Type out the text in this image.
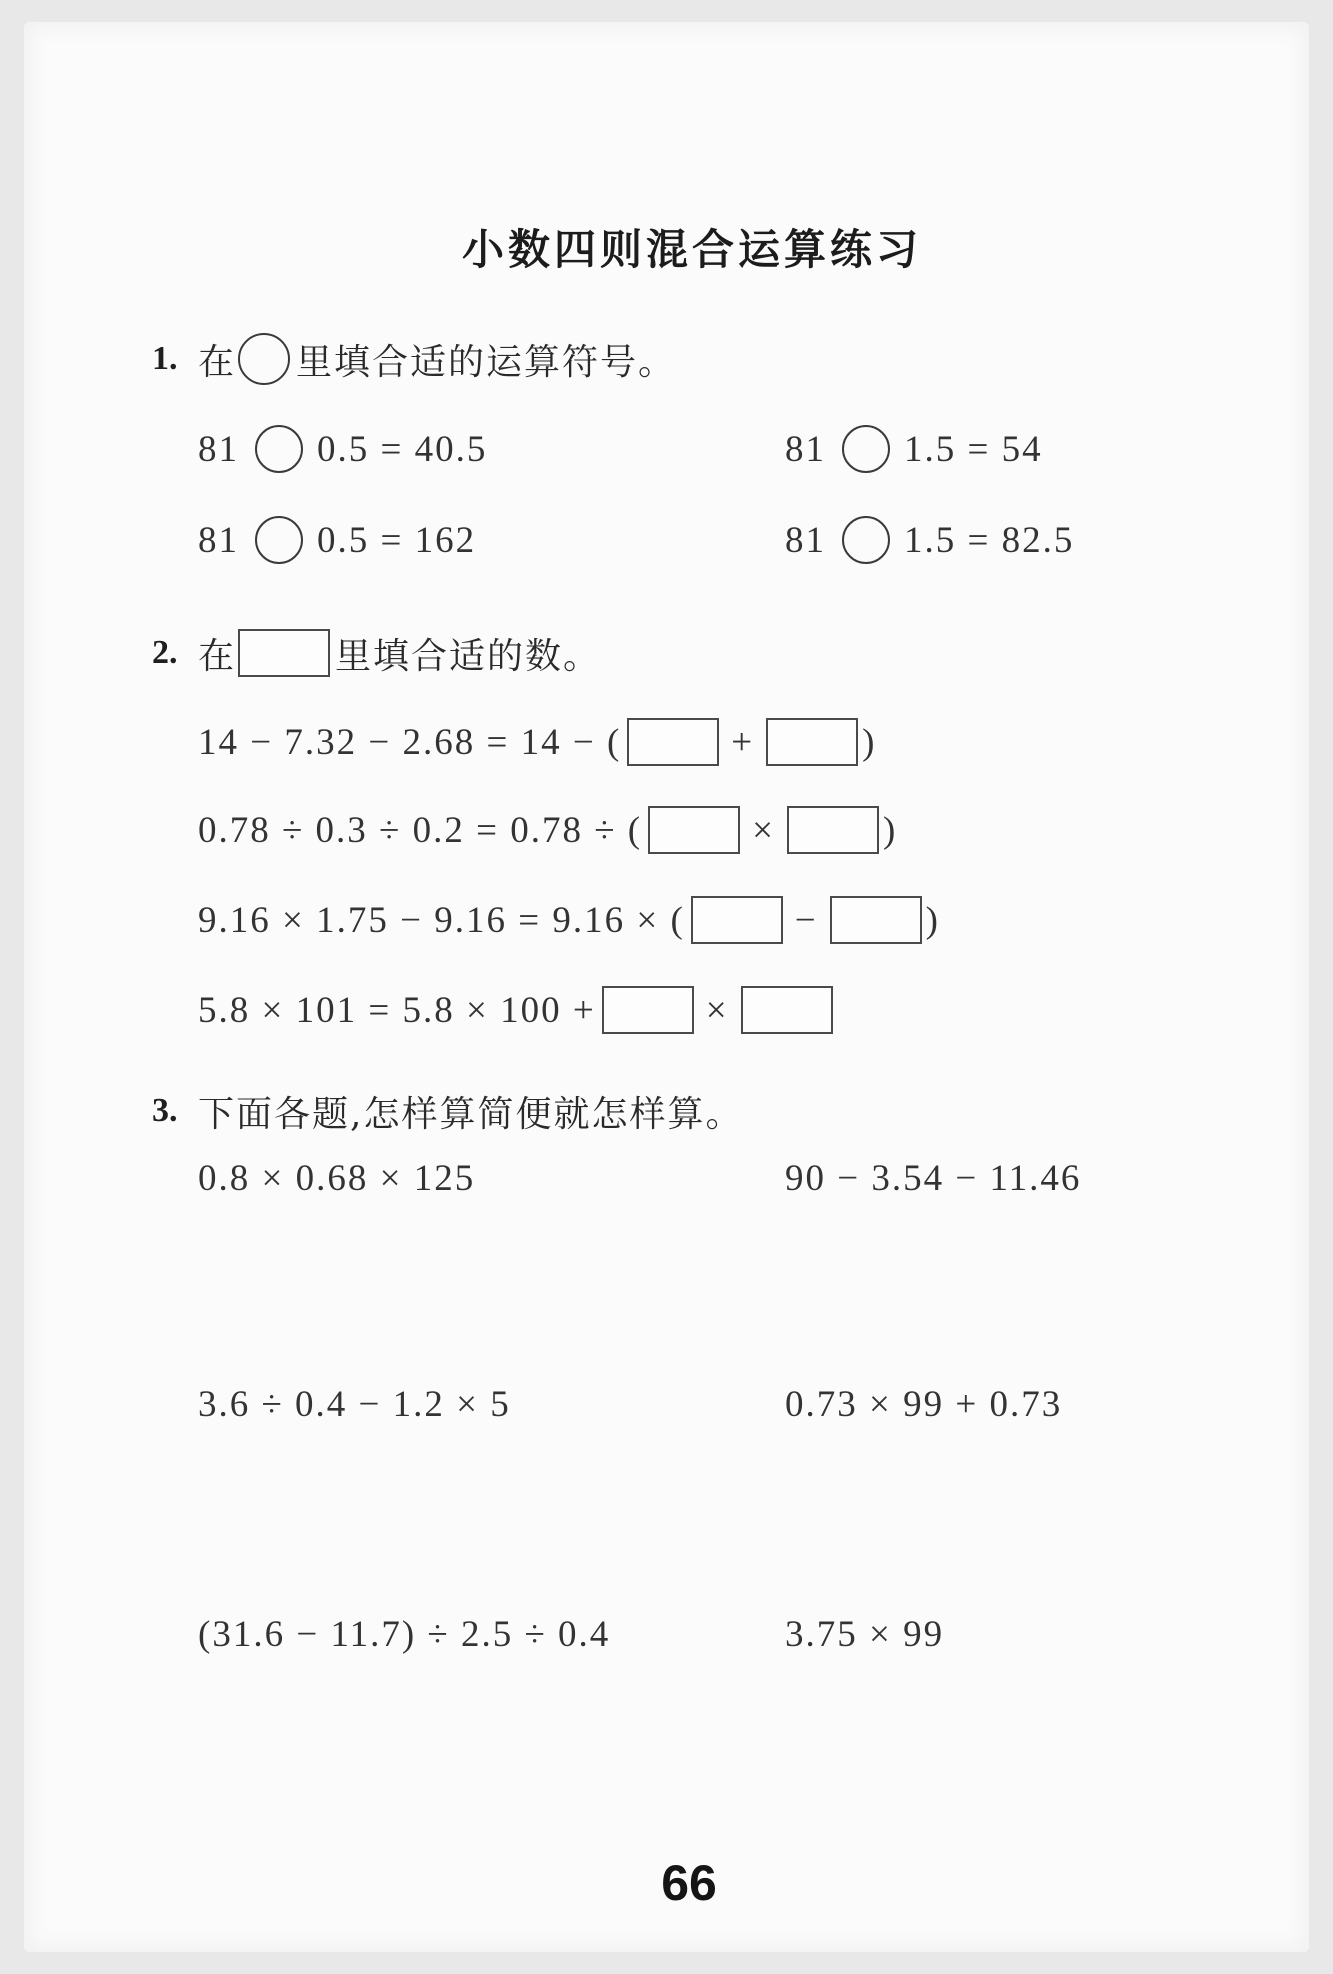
小数四则混合运算练习
1. 在 里填合适的运算符号。
81 0.5 = 40.5	81 1.5 = 54
81 0.5 = 162	81 1.5 = 82.5
2. 在	里填合适的数。
14 − 7.32 − 2.68 = 14 − (	+	)
0.78 ÷ 0.3 ÷ 0.2 = 0.78 ÷ (	×	)
9.16 × 1.75 − 9.16 = 9.16 × (	−	)
5.8 × 101 = 5.8 × 100 +	×
3. 下面各题,怎样算简便就怎样算。
0.8 × 0.68 × 125	90 − 3.54 − 11.46
3.6 ÷ 0.4 − 1.2 × 5	0.73 × 99 + 0.73
(31.6 − 11.7) ÷ 2.5 ÷ 0.4	3.75 × 99
66
